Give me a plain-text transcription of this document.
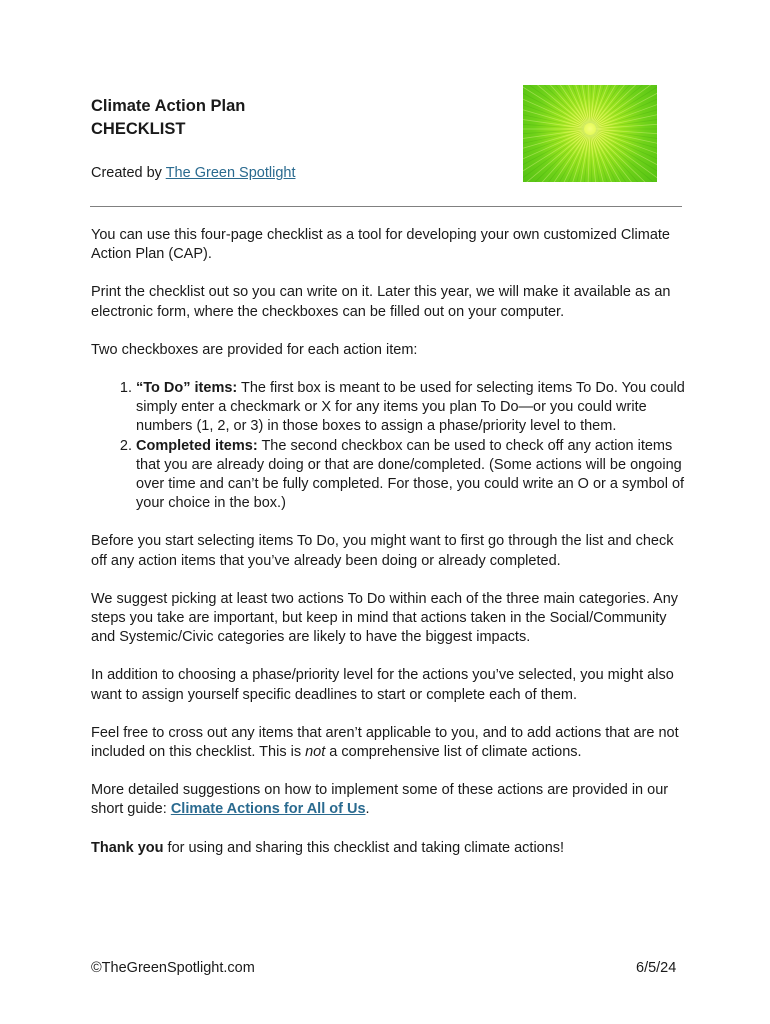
Climate Action Plan
CHECKLIST
Created by The Green Spotlight

You can use this four-page checklist as a tool for developing your own customized Climate Action Plan (CAP).

Print the checklist out so you can write on it. Later this year, we will make it available as an electronic form, where the checkboxes can be filled out on your computer.

Two checkboxes are provided for each action item:

1. “To Do” items: The first box is meant to be used for selecting items To Do. You could simply enter a checkmark or X for any items you plan To Do—or you could write numbers (1, 2, or 3) in those boxes to assign a phase/priority level to them.
2. Completed items: The second checkbox can be used to check off any action items that you are already doing or that are done/completed. (Some actions will be ongoing over time and can’t be fully completed. For those, you could write an O or a symbol of your choice in the box.)

Before you start selecting items To Do, you might want to first go through the list and check off any action items that you’ve already been doing or already completed.

We suggest picking at least two actions To Do within each of the three main categories. Any steps you take are important, but keep in mind that actions taken in the Social/Community and Systemic/Civic categories are likely to have the biggest impacts.

In addition to choosing a phase/priority level for the actions you’ve selected, you might also want to assign yourself specific deadlines to start or complete each of them.

Feel free to cross out any items that aren’t applicable to you, and to add actions that are not included on this checklist. This is not a comprehensive list of climate actions.

More detailed suggestions on how to implement some of these actions are provided in our short guide: Climate Actions for All of Us.

Thank you for using and sharing this checklist and taking climate actions!

©TheGreenSpotlight.com	6/5/24
